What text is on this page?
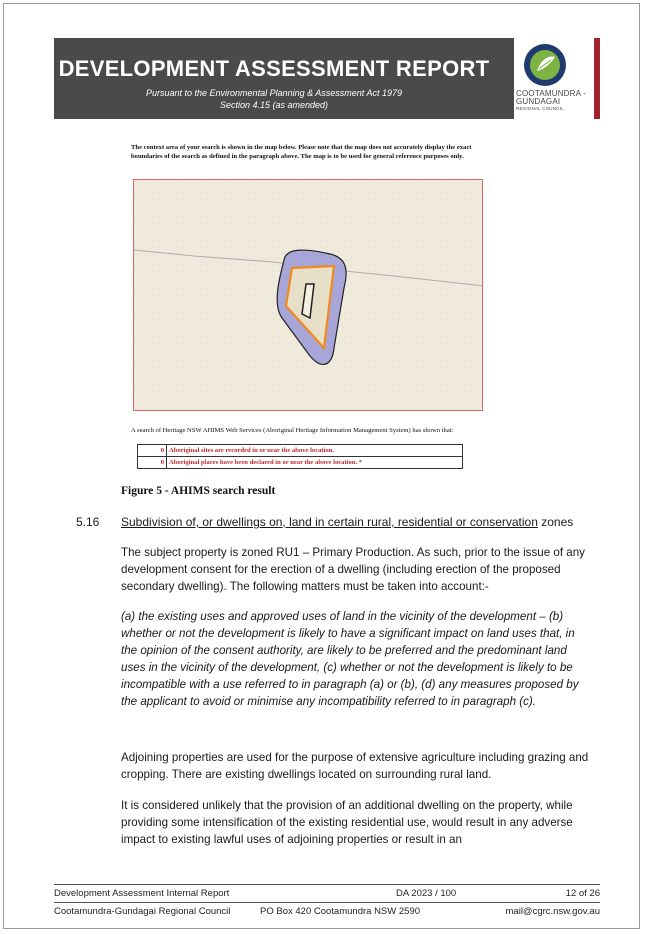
DEVELOPMENT ASSESSMENT REPORT
Pursuant to the Environmental Planning & Assessment Act 1979
Section 4.15 (as amended)
COOTAMUNDRA -
GUNDAGAI
REGIONAL COUNCIL
The context area of your search is shown in the map below. Please note that the map does not accurately display the exact boundaries of the search as defined in the paragraph above. The map is to be used for general reference purposes only.
A search of Heritage NSW AHIMS Web Services (Aboriginal Heritage Information Management System) has shown that:
0	Aboriginal sites are recorded in or near the above location.
0	Aboriginal places have been declared in or near the above location. *
Figure 5 - AHIMS search result
5.16 Subdivision of, or dwellings on, land in certain rural, residential or conservation zones
The subject property is zoned RU1 – Primary Production. As such, prior to the issue of any development consent for the erection of a dwelling (including erection of the proposed secondary dwelling). The following matters must be taken into account:-
(a) the existing uses and approved uses of land in the vicinity of the development – (b) whether or not the development is likely to have a significant impact on land uses that, in the opinion of the consent authority, are likely to be preferred and the predominant land uses in the vicinity of the development, (c) whether or not the development is likely to be incompatible with a use referred to in paragraph (a) or (b), (d) any measures proposed by the applicant to avoid or minimise any incompatibility referred to in paragraph (c).
Adjoining properties are used for the purpose of extensive agriculture including grazing and cropping. There are existing dwellings located on surrounding rural land.
It is considered unlikely that the provision of an additional dwelling on the property, while providing some intensification of the existing residential use, would result in any adverse impact to existing lawful uses of adjoining properties or result in an
Development Assessment Internal Report	DA 2023 / 100	12 of 26
Cootamundra-Gundagai Regional Council	PO Box 420 Cootamundra NSW 2590	mail@cgrc.nsw.gov.au
